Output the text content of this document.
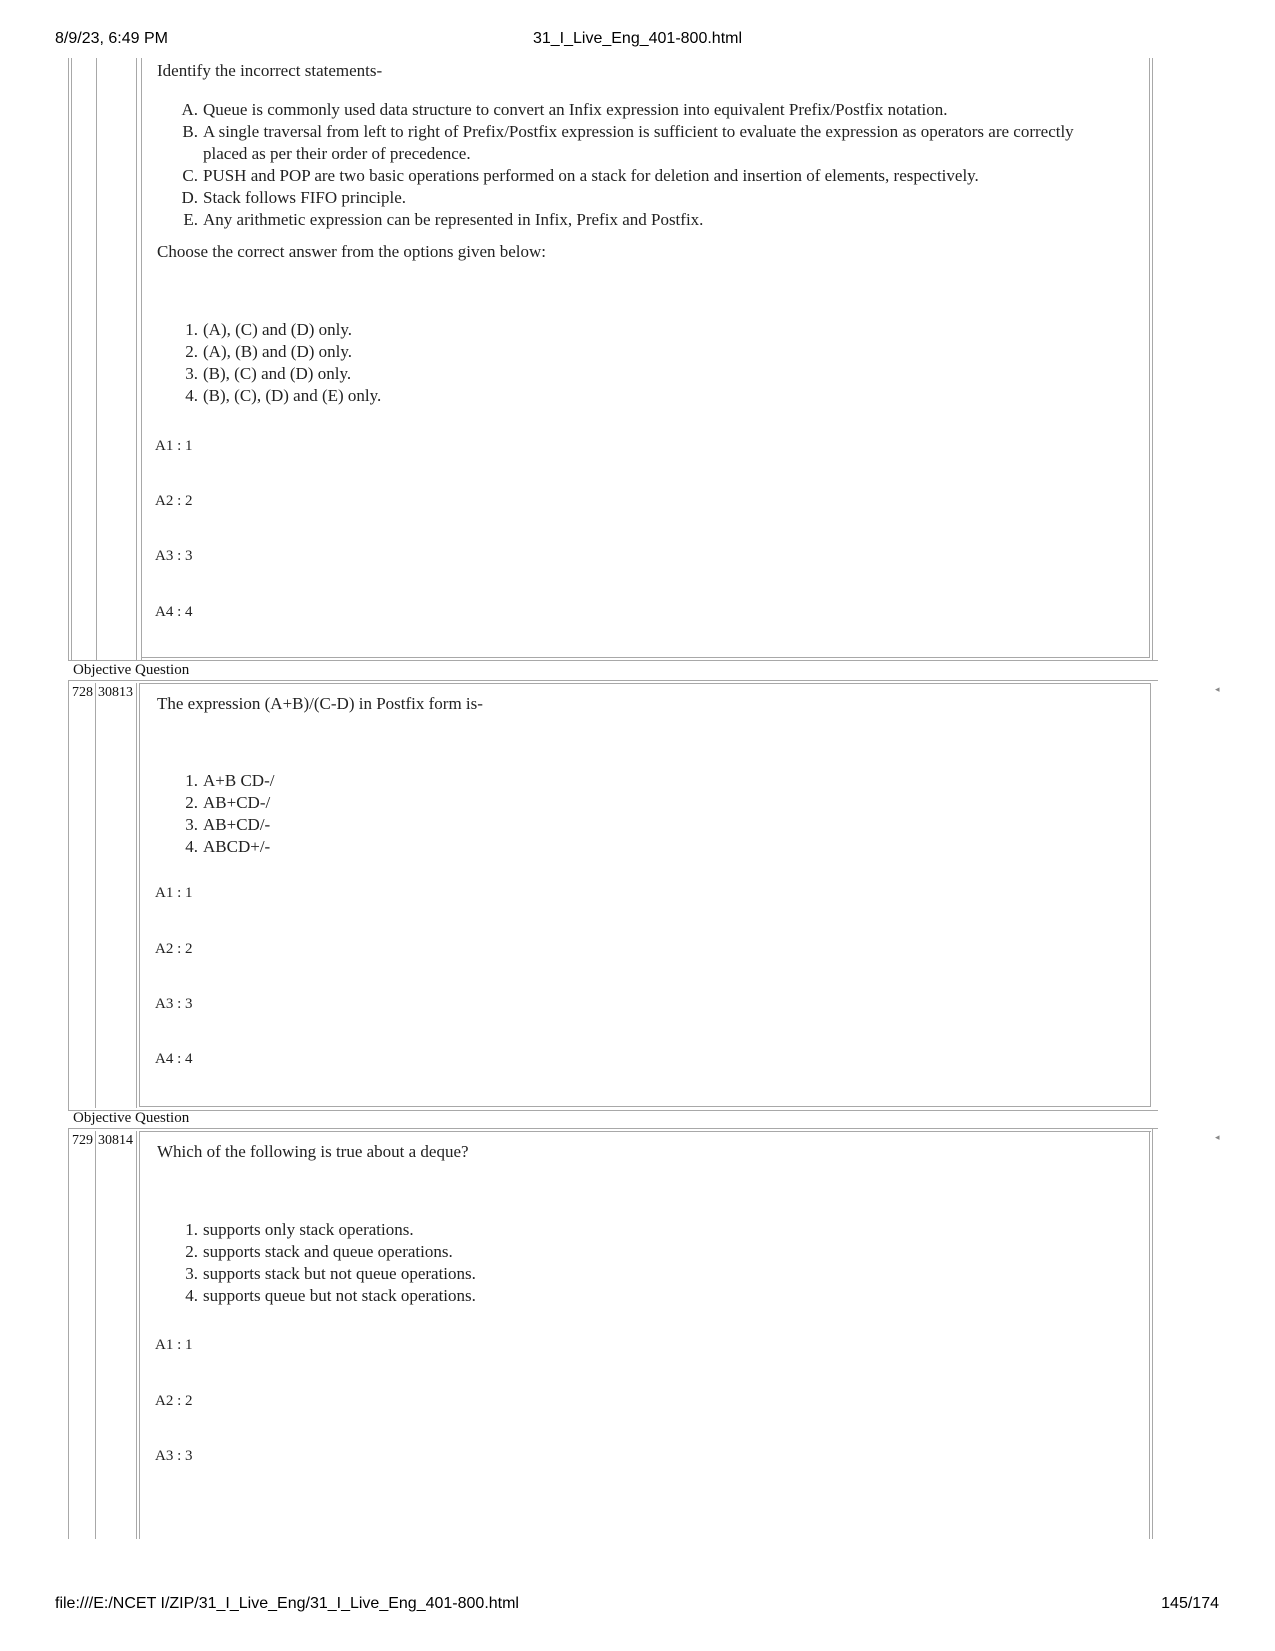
8/9/23, 6:49 PM	31_I_Live_Eng_401-800.html
Identify the incorrect statements-
A. Queue is commonly used data structure to convert an Infix expression into equivalent Prefix/Postfix notation.
B. A single traversal from left to right of Prefix/Postfix expression is sufficient to evaluate the expression as operators are correctly placed as per their order of precedence.
C. PUSH and POP are two basic operations performed on a stack for deletion and insertion of elements, respectively.
D. Stack follows FIFO principle.
E. Any arithmetic expression can be represented in Infix, Prefix and Postfix.
Choose the correct answer from the options given below:
1. (A), (C) and (D) only.
2. (A), (B) and (D) only.
3. (B), (C) and (D) only.
4. (B), (C), (D) and (E) only.
A1 : 1
A2 : 2
A3 : 3
A4 : 4
Objective Question
728 30813	◂
The expression (A+B)/(C-D) in Postfix form is-
1. A+B CD-/
2. AB+CD-/
3. AB+CD/-
4. ABCD+/-
A1 : 1
A2 : 2
A3 : 3
A4 : 4
Objective Question
729 30814	◂
Which of the following is true about a deque?
1. supports only stack operations.
2. supports stack and queue operations.
3. supports stack but not queue operations.
4. supports queue but not stack operations.
A1 : 1
A2 : 2
A3 : 3
file:///E:/NCET I/ZIP/31_I_Live_Eng/31_I_Live_Eng_401-800.html	145/174
